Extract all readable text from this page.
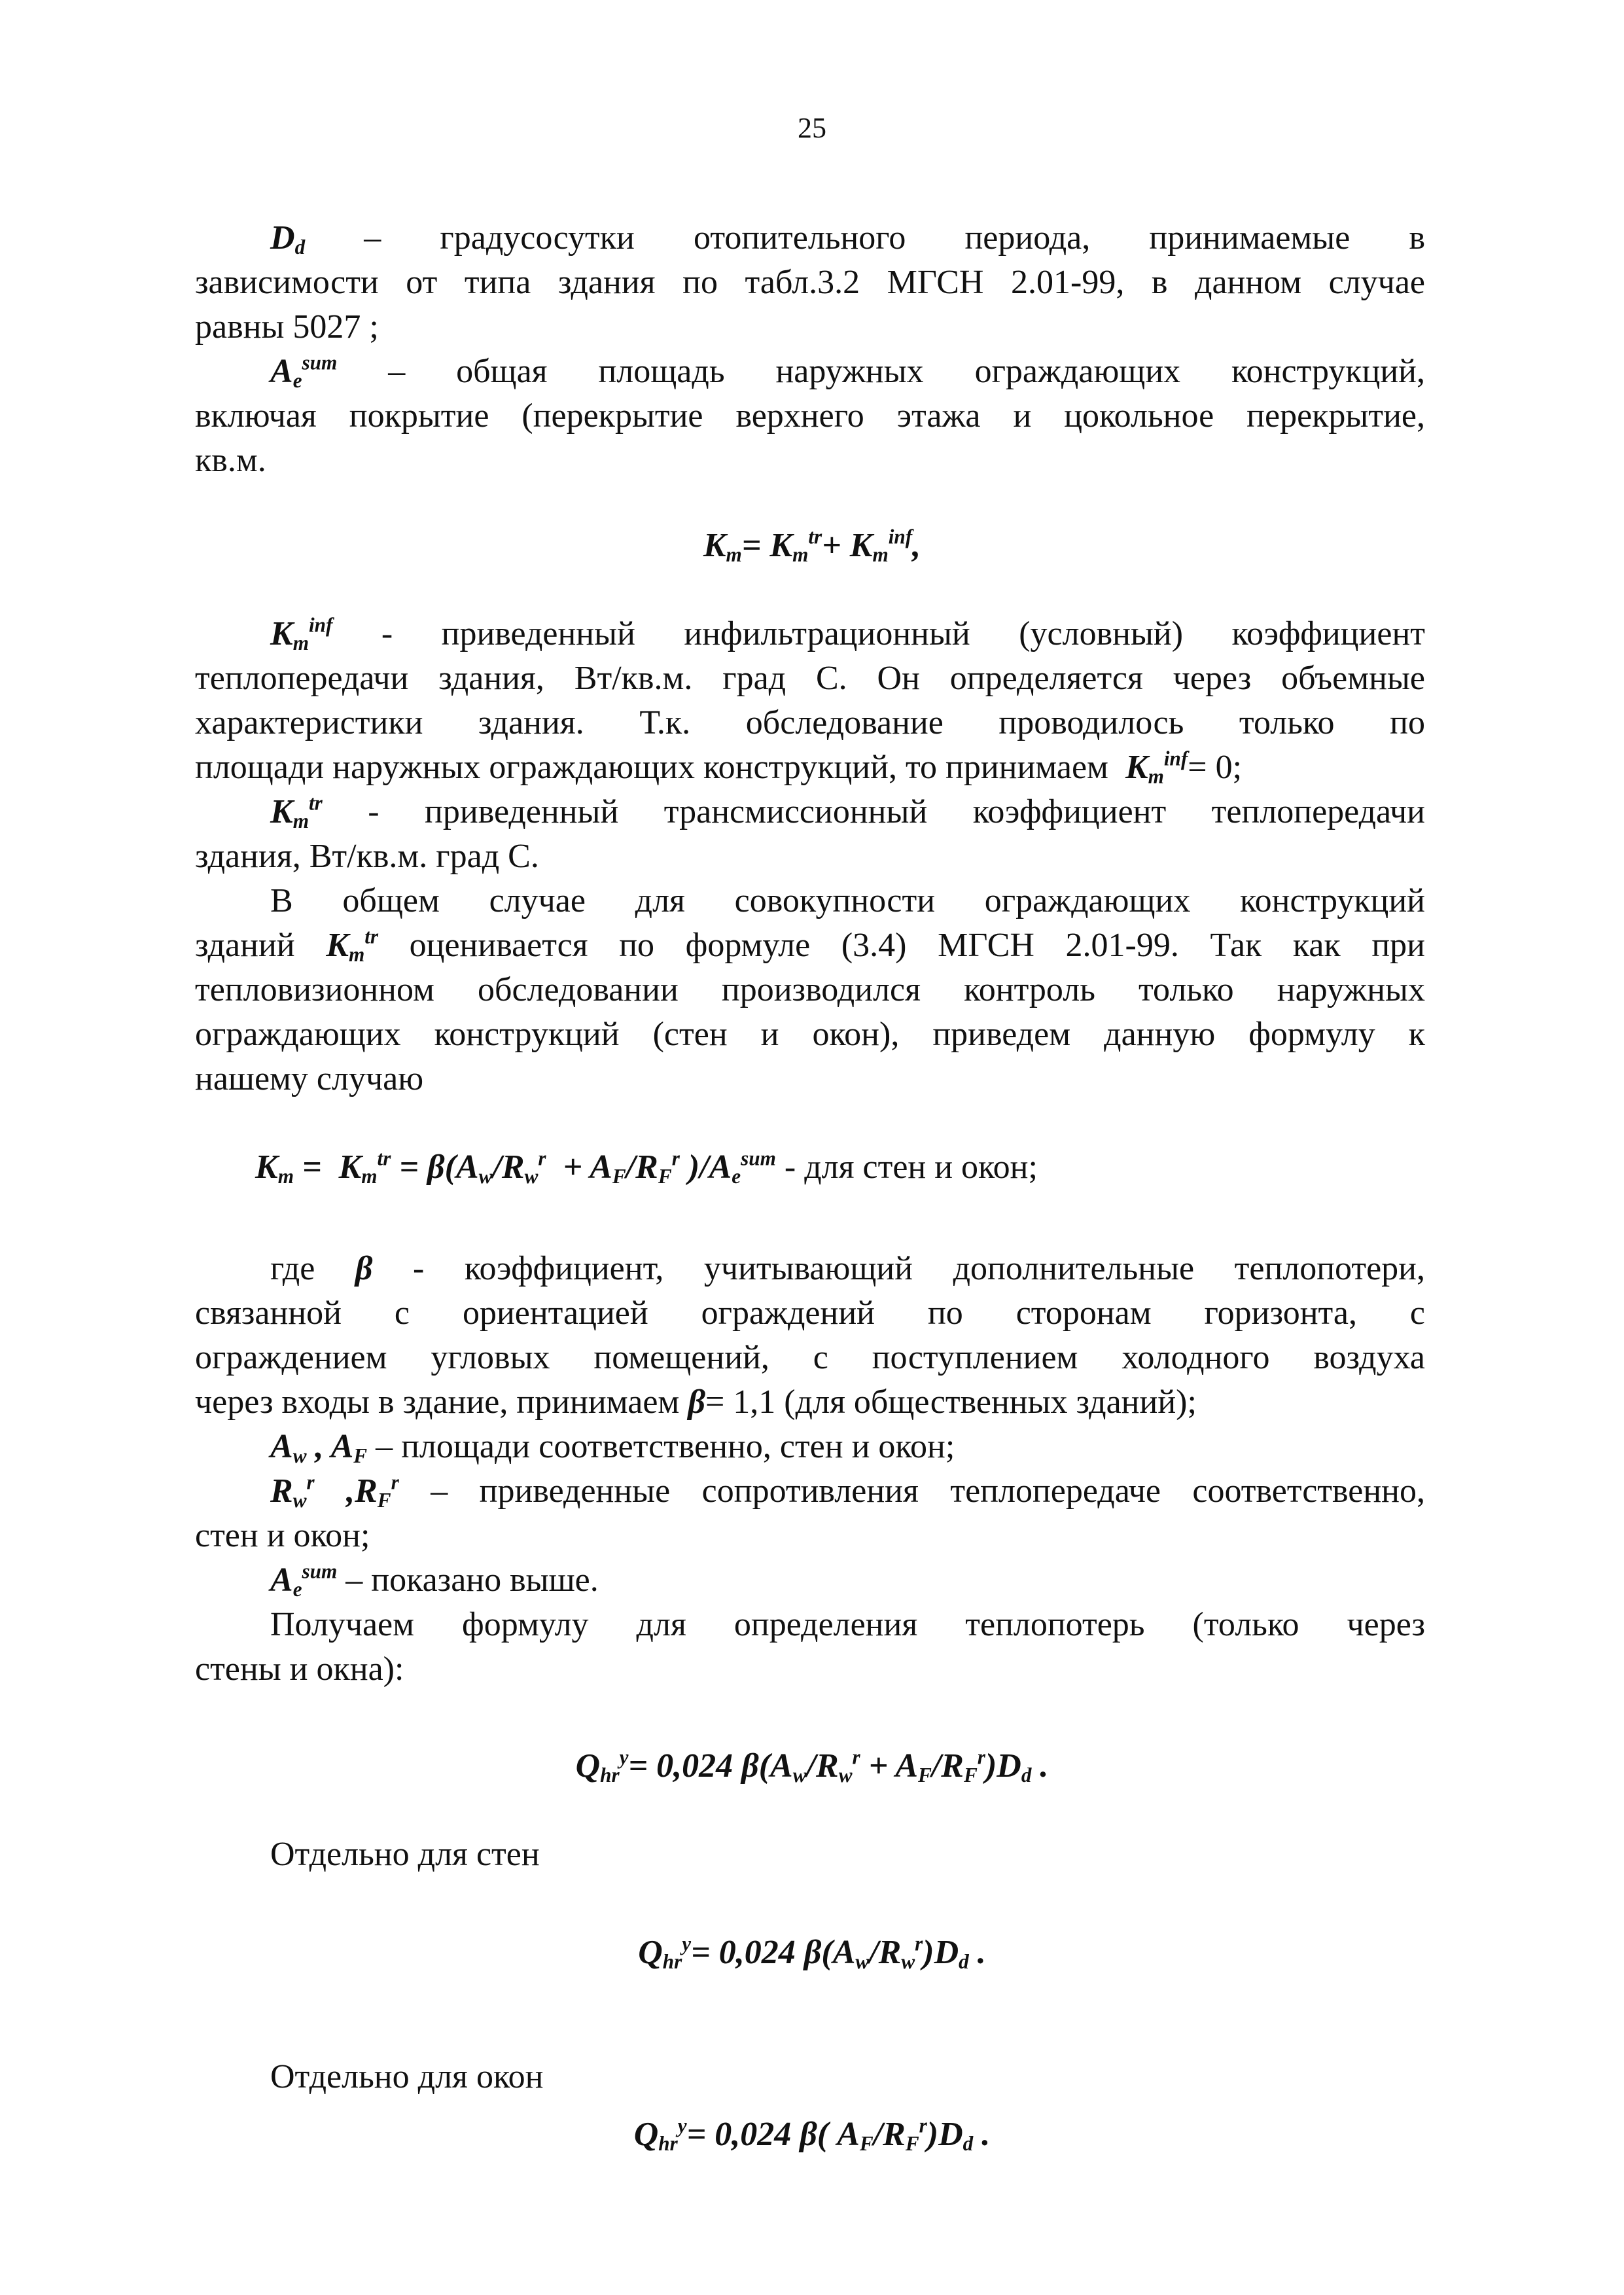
25
$D_d$ – градусосутки отопительного периода, принимаемые в
зависимости от типа здания по табл.3.2 МГСН 2.01-99, в данном случае
равны 5027 ;
$A_e^{sum}$ – общая площадь наружных ограждающих конструкций,
включая покрытие (перекрытие верхнего этажа и цокольное перекрытие,
кв.м.
$K_m= K_m^{tr}+ K_m^{inf}$,
$K_m^{inf}$ - приведенный инфильтрационный (условный) коэффициент
теплопередачи здания, Вт/кв.м. град С. Он определяется через объемные
характеристики здания. Т.к. обследование проводилось только по
площади наружных ограждающих конструкций, то принимаем  $K_m^{inf}= 0$;
$K_m^{tr}$ - приведенный трансмиссионный коэффициент теплопередачи
здания, Вт/кв.м. град С.
В общем случае для совокупности ограждающих конструкций
зданий $K_m^{tr}$ оценивается по формуле (3.4) МГСН 2.01-99. Так как при
тепловизионном обследовании производился контроль только наружных
ограждающих конструкций (стен и окон), приведем данную формулу к
нашему случаю
$K_m = K_m^{tr} = \beta(A_w/R_w^r + A_F/R_F^r$ )$/A_e^{sum}$ - для стен и окон;
где β - коэффициент, учитывающий дополнительные теплопотери,
связанной с ориентацией ограждений по сторонам горизонта, с
ограждением угловых помещений, с поступлением холодного воздуха
через входы в здание, принимаем β= 1,1 (для общественных зданий);
$A_w$ , $A_F$ – площади соответственно, стен и окон;
$R_w^r$ $,R_F^r$ – приведенные сопротивления теплопередаче соответственно,
стен и окон;
$A_e^{sum}$ – показано выше.
Получаем формулу для определения теплопотерь (только через
стены и окна):
$Q_{hr}^y= 0,024$ $\beta(A_w/R_w^r + A_F/R_F^r)D_d$ .
Отдельно для стен
$Q_{hr}^y= 0,024$ $\beta(A_w/R_w^r)D_d$ .
Отдельно для окон
$Q_{hr}^y= 0,024$ β( $A_F/R_F^r)D_d$ .
